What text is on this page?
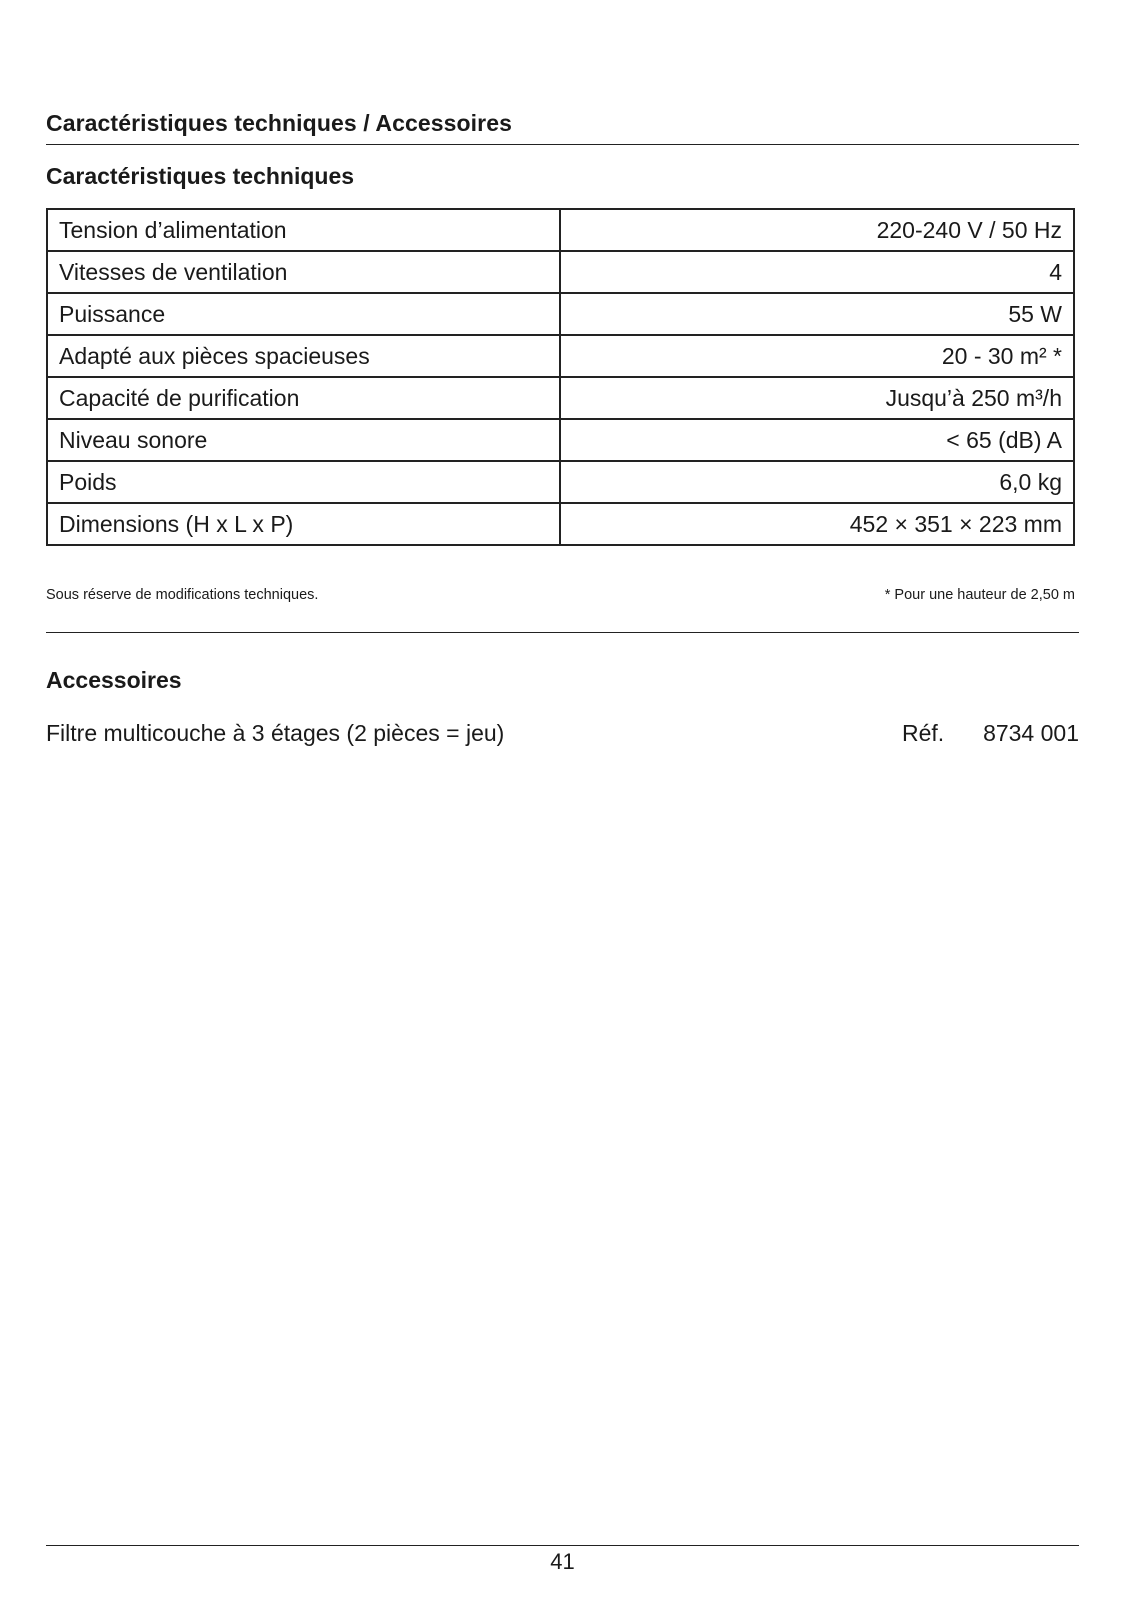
Caractéristiques techniques / Accessoires
Caractéristiques techniques
Tension d’alimentation	220-240 V / 50 Hz
Vitesses de ventilation	4
Puissance	55 W
Adapté aux pièces spacieuses	20 - 30 m² *
Capacité de purification	Jusqu’à 250 m³/h
Niveau sonore	< 65 (dB) A
Poids	6,0 kg
Dimensions (H x L x P)	452 × 351 × 223 mm
Sous réserve de modifications techniques.	* Pour une hauteur de 2,50 m
Accessoires
Filtre multicouche à 3 étages (2 pièces = jeu)	Réf. 8734 001
41
